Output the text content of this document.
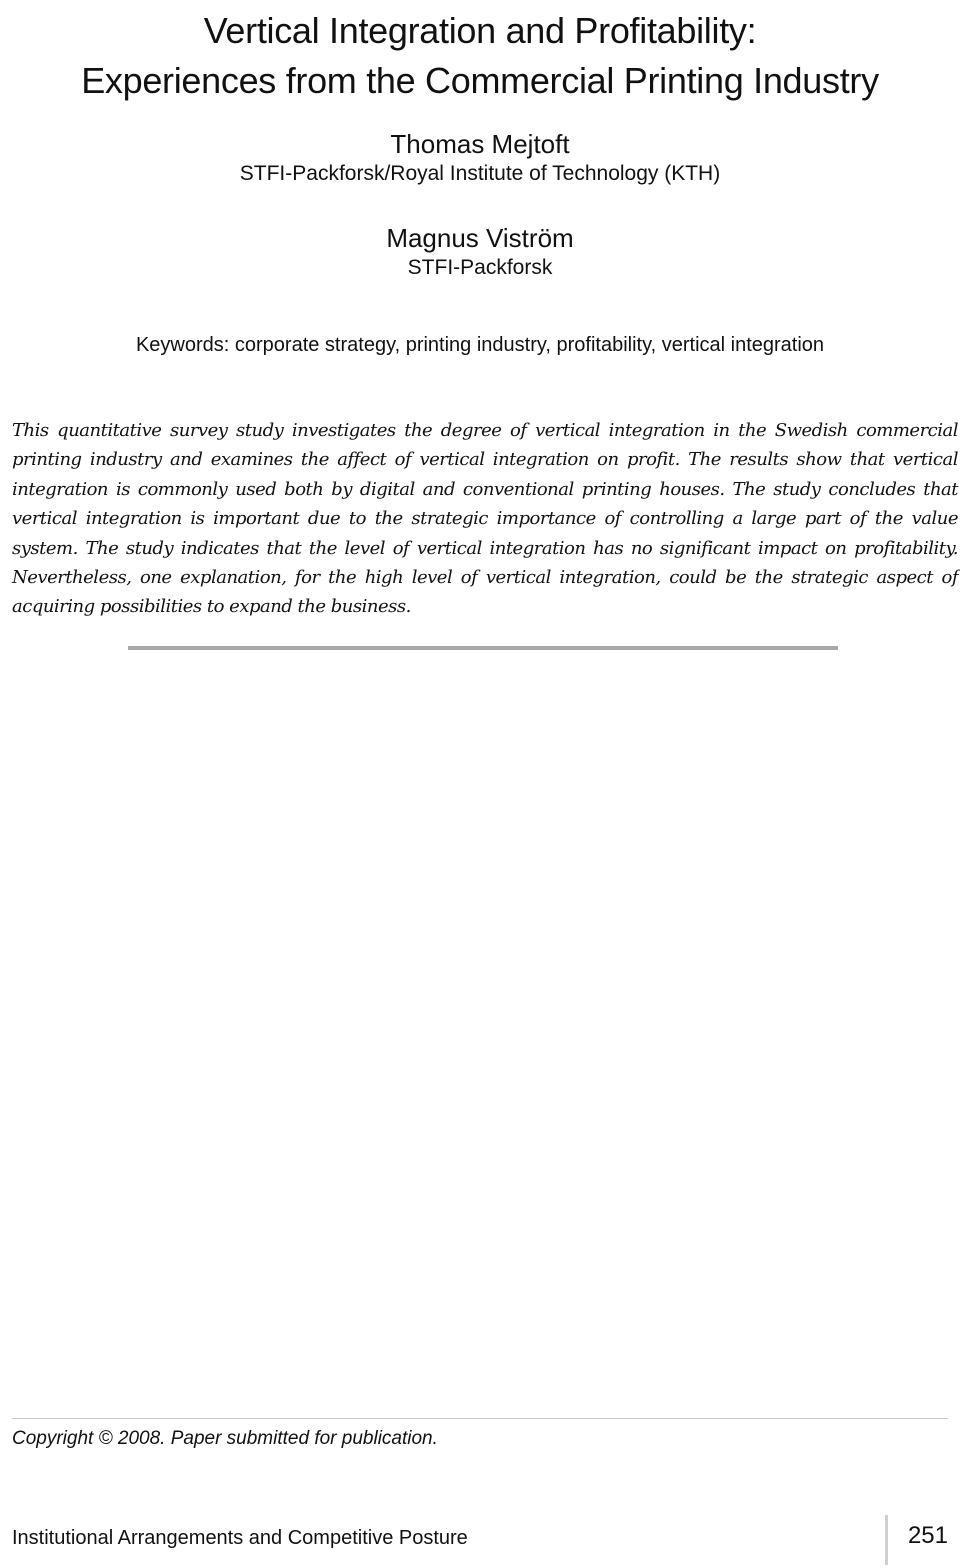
Vertical Integration and Profitability:
Experiences from the Commercial Printing Industry
Thomas Mejtoft
STFI-Packforsk/Royal Institute of Technology (KTH)
Magnus Viström
STFI-Packforsk
Keywords: corporate strategy, printing industry, profitability, vertical integration
This quantitative survey study investigates the degree of vertical integration in the Swedish commercial printing industry and examines the affect of vertical integration on profit. The results show that vertical integration is commonly used both by digital and conventional printing houses. The study concludes that vertical integration is important due to the strategic importance of controlling a large part of the value system. The study indicates that the level of vertical integration has no significant impact on profitability. Nevertheless, one explanation, for the high level of vertical integration, could be the strategic aspect of acquiring possibilities to expand the business.
Copyright © 2008. Paper submitted for publication.
Institutional Arrangements and Competitive Posture	251
